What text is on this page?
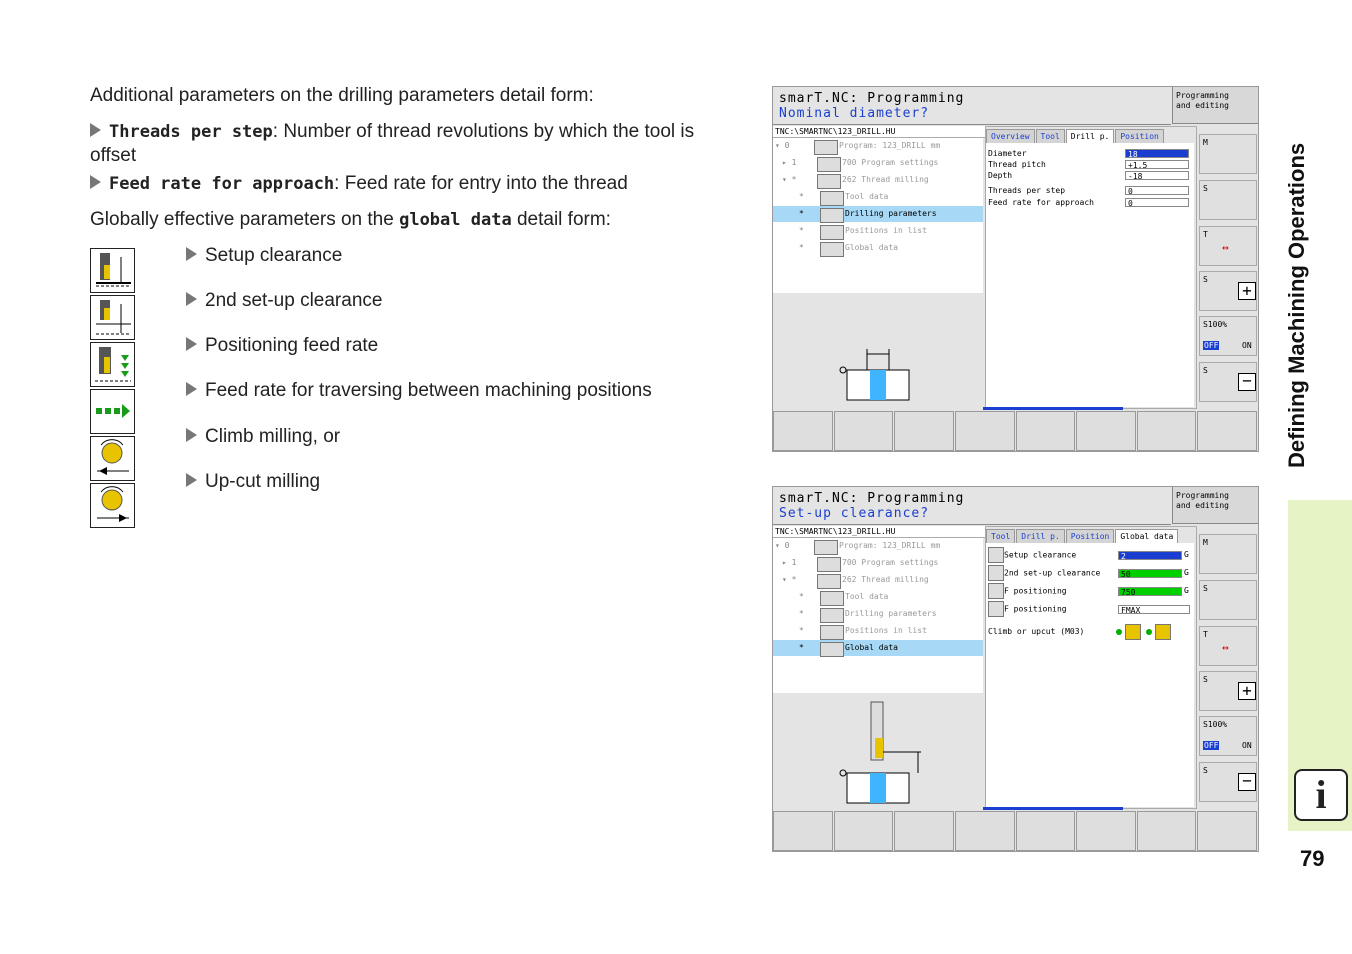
Additional parameters on the drilling parameters detail form:
Threads per step: Number of thread revolutions by which the tool is offset
Feed rate for approach: Feed rate for entry into the thread
Globally effective parameters on the global data detail form:
Setup clearance
2nd set-up clearance
Positioning feed rate
Feed rate for traversing between machining positions
Climb milling, or
Up-cut milling
smarT.NC: Programming
Nominal diameter?
Programming
and editing
TNC:\SMARTNC\123_DRILL.HU
▾ 0	Program: 123_DRILL mm
▸ 1	700 Program settings
▾ *	262 Thread milling
*	Tool data
*	Drilling parameters
*	Positions in list
*	Global data
Overview	Tool	Drill p.	Position
Diameter	18
Thread pitch	+1.5
Depth	-18
Threads per step	0
Feed rate for approach	0
M
S
T
↔
S
+
S100%
OFF	ON
S
−
smarT.NC: Programming
Set-up clearance?
Programming
and editing
TNC:\SMARTNC\123_DRILL.HU
▾ 0	Program: 123_DRILL mm
▸ 1	700 Program settings
▾ *	262 Thread milling
*	Tool data
*	Drilling parameters
*	Positions in list
*	Global data
Tool	Drill p.	Position	Global data
Setup clearance	2	G
2nd set-up clearance	50	G
F positioning	750	G
F positioning	FMAX
Climb or upcut (M03)
M
S
T
↔
S
+
S100%
OFF	ON
S
−
Defining Machining Operations
i
79
